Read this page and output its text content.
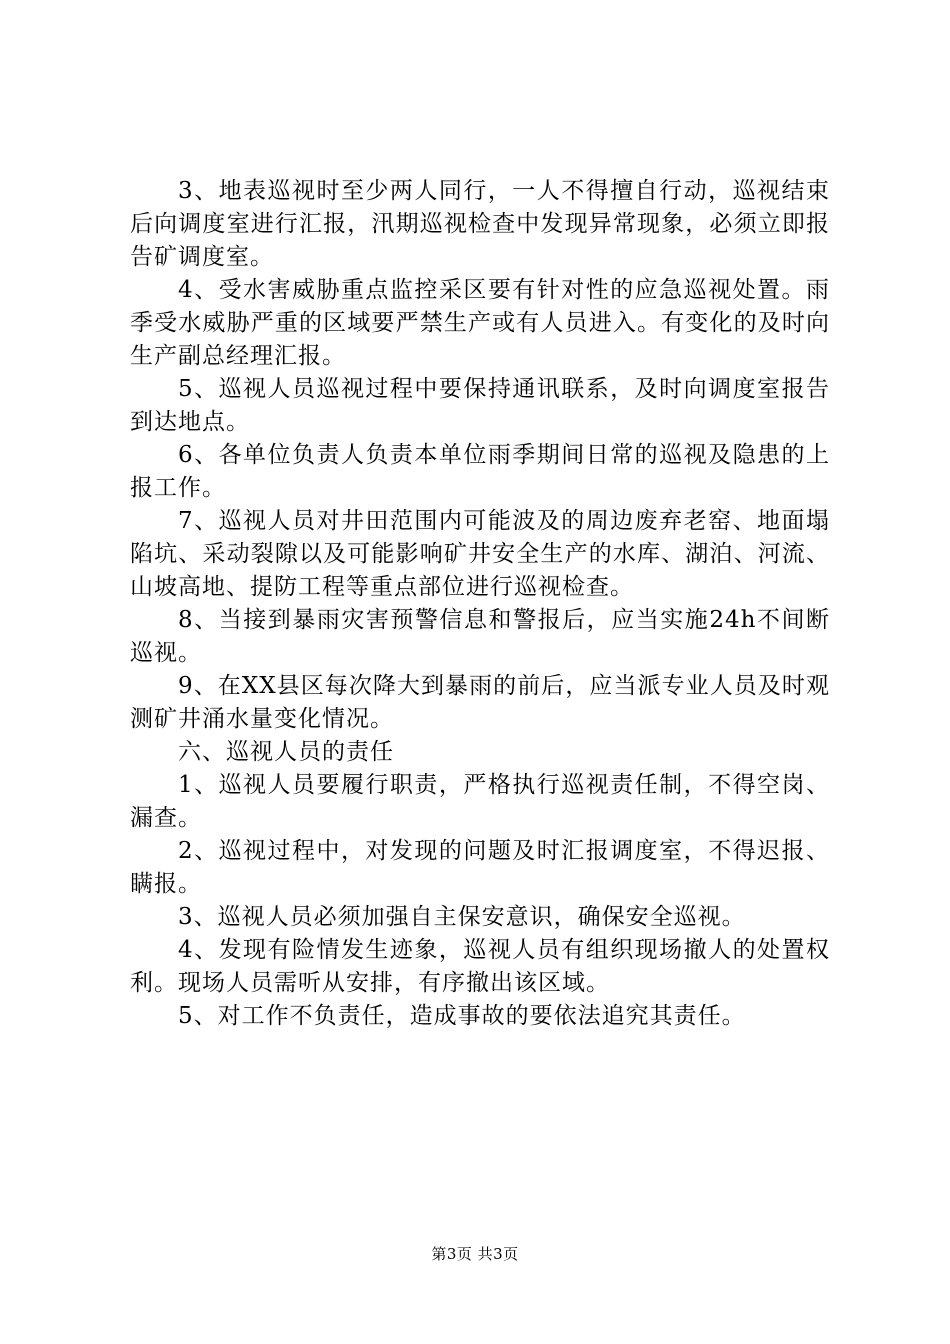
3、地表巡视时至少两人同行，一人不得擅自行动，巡视结束后向调度室进行汇报，汛期巡视检查中发现异常现象，必须立即报告矿调度室。

4、受水害威胁重点监控采区要有针对性的应急巡视处置。雨季受水威胁严重的区域要严禁生产或有人员进入。有变化的及时向生产副总经理汇报。

5、巡视人员巡视过程中要保持通讯联系，及时向调度室报告到达地点。

6、各单位负责人负责本单位雨季期间日常的巡视及隐患的上报工作。

7、巡视人员对井田范围内可能波及的周边废弃老窑、地面塌陷坑、采动裂隙以及可能影响矿井安全生产的水库、湖泊、河流、山坡高地、提防工程等重点部位进行巡视检查。

8、当接到暴雨灾害预警信息和警报后，应当实施24h不间断巡视。

9、在XX县区每次降大到暴雨的前后，应当派专业人员及时观测矿井涌水量变化情况。

六、巡视人员的责任

1、巡视人员要履行职责，严格执行巡视责任制，不得空岗、漏查。

2、巡视过程中，对发现的问题及时汇报调度室，不得迟报、瞒报。

3、巡视人员必须加强自主保安意识，确保安全巡视。

4、发现有险情发生迹象，巡视人员有组织现场撤人的处置权利。现场人员需听从安排，有序撤出该区域。

5、对工作不负责任，造成事故的要依法追究其责任。

第3页 共3页
